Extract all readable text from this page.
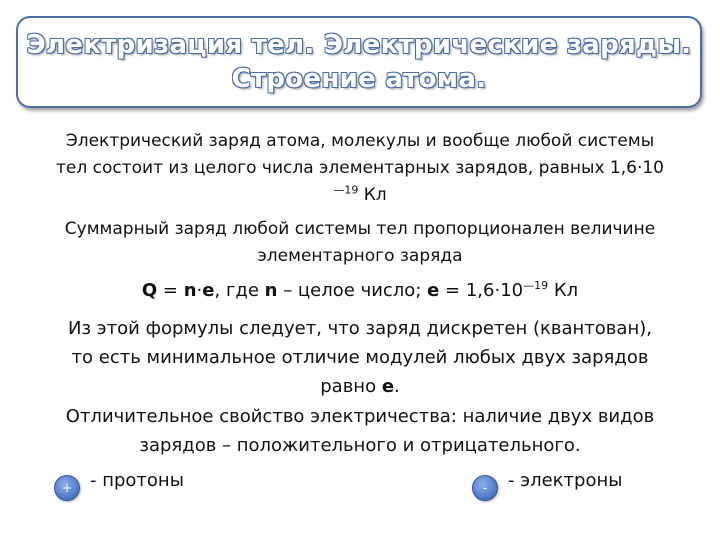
Электризация тел. Электрические заряды.
Строение атома.
Электрический заряд атома, молекулы и вообще любой системы
тел состоит из целого числа элементарных зарядов, равных 1,6·10
$^{—19}$ Кл
Суммарный заряд любой системы тел пропорционален величине
элементарного заряда
Q = n·e, где n – целое число; $e = 1,6\cdot 10^{—19}$ Кл
Из этой формулы следует, что заряд дискретен (квантован),
то есть минимальное отличие модулей любых двух зарядов
равно e.
Отличительное свойство электричества: наличие двух видов
зарядов – положительного и отрицательного.
+ - протоны	-	- электроны
